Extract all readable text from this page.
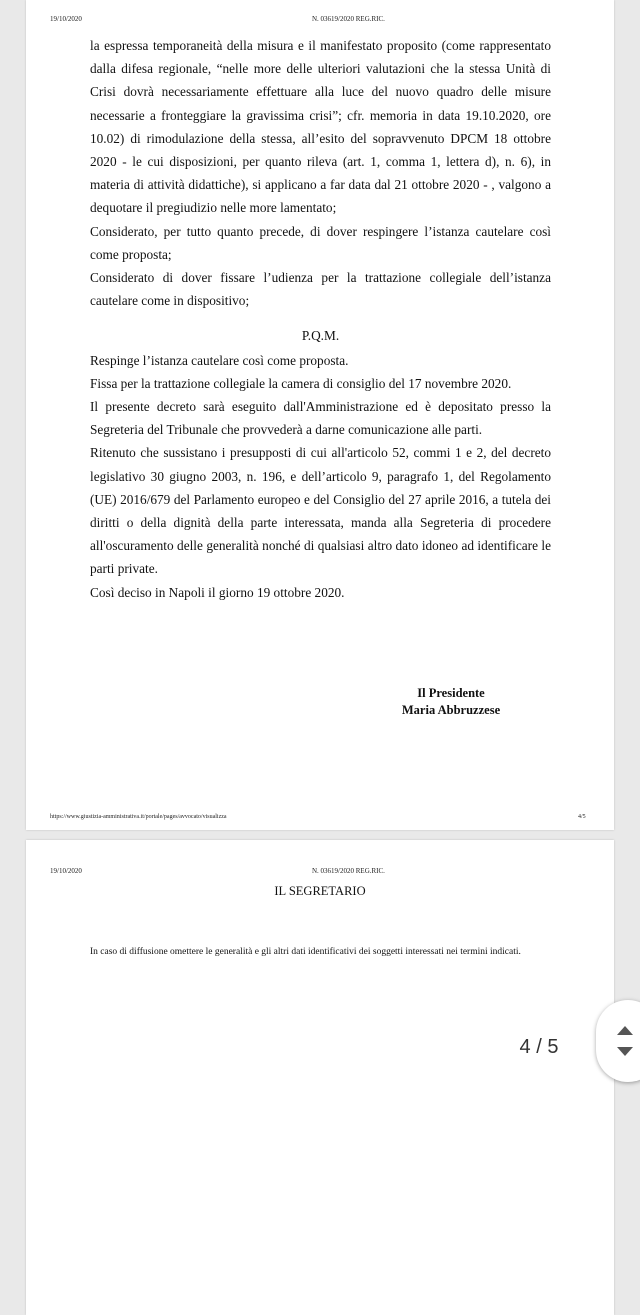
19/10/2020	N. 03619/2020 REG.RIC.

la espressa temporaneità della misura e il manifestato proposito (come rappresentato dalla difesa regionale, “nelle more delle ulteriori valutazioni che la stessa Unità di Crisi dovrà necessariamente effettuare alla luce del nuovo quadro delle misure necessarie a fronteggiare la gravissima crisi”; cfr. memoria in data 19.10.2020, ore 10.02) di rimodulazione della stessa, all’esito del sopravvenuto DPCM 18 ottobre 2020 - le cui disposizioni, per quanto rileva (art. 1, comma 1, lettera d), n. 6), in materia di attività didattiche), si applicano a far data dal 21 ottobre 2020 - , valgono a dequotare il pregiudizio nelle more lamentato;

Considerato, per tutto quanto precede, di dover respingere l’istanza cautelare così come proposta;

Considerato di dover fissare l’udienza per la trattazione collegiale dell’istanza cautelare come in dispositivo;

P.Q.M.

Respinge l’istanza cautelare così come proposta.

Fissa per la trattazione collegiale la camera di consiglio del 17 novembre 2020.

Il presente decreto sarà eseguito dall'Amministrazione ed è depositato presso la Segreteria del Tribunale che provvederà a darne comunicazione alle parti.

Ritenuto che sussistano i presupposti di cui all'articolo 52, commi 1 e 2, del decreto legislativo 30 giugno 2003, n. 196, e dell’articolo 9, paragrafo 1, del Regolamento (UE) 2016/679 del Parlamento europeo e del Consiglio del 27 aprile 2016, a tutela dei diritti o della dignità della parte interessata, manda alla Segreteria di procedere all'oscuramento delle generalità nonché di qualsiasi altro dato idoneo ad identificare le parti private.

Così deciso in Napoli il giorno 19 ottobre 2020.

Il Presidente
Maria Abbruzzese
https://www.giustizia-amministrativa.it/portale/pages/avvocato/visualizza	4/5
19/10/2020	N. 03619/2020 REG.RIC.
IL SEGRETARIO
In caso di diffusione omettere le generalità e gli altri dati identificativi dei soggetti interessati nei termini indicati.
4 / 5
